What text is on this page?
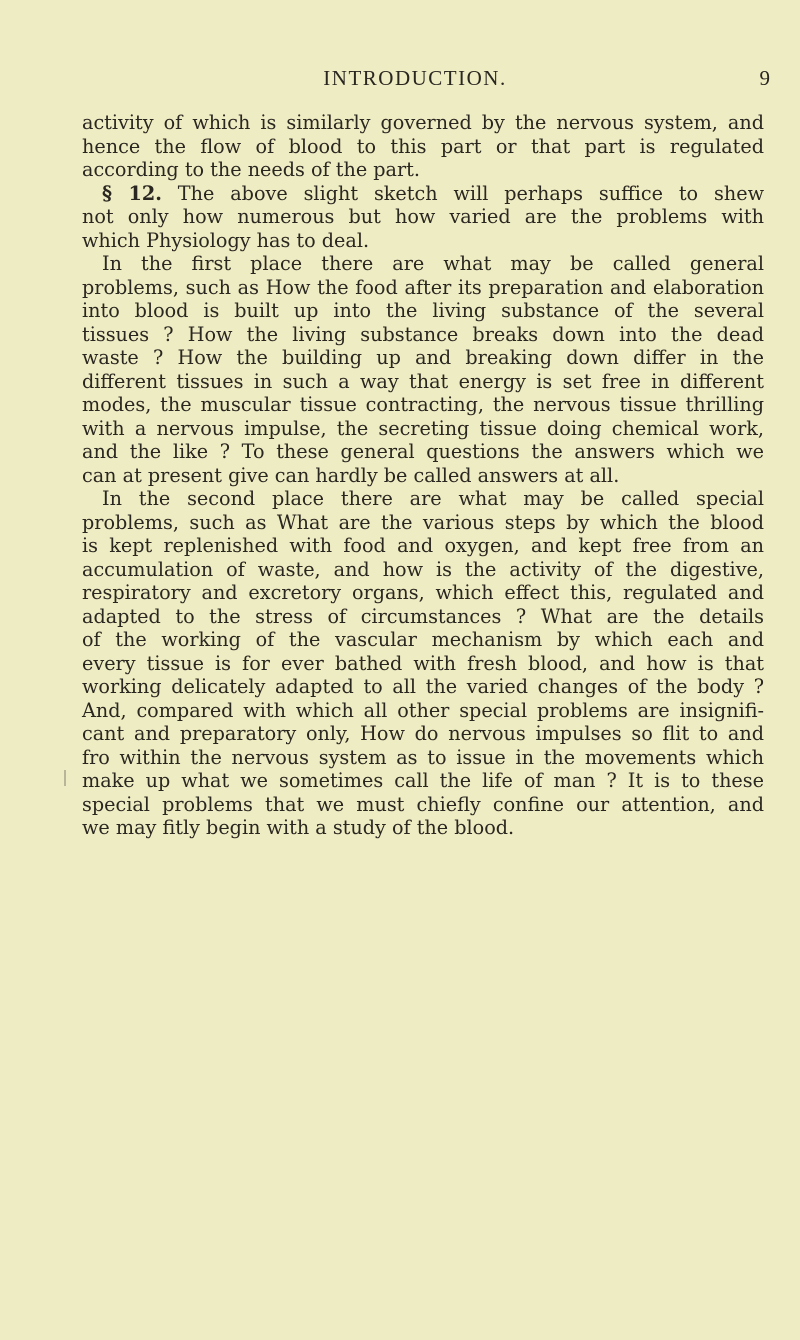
INTRODUCTION.	9
activity of which is similarly governed by the nervous system, and
hence the flow of blood to this part or that part is regulated
according to the needs of the part.
§ 12. The above slight sketch will perhaps suffice to shew
not only how numerous but how varied are the problems with
which Physiology has to deal.
In the first place there are what may be called general
problems, such as How the food after its preparation and elaboration
into blood is built up into the living substance of the several
tissues ? How the living substance breaks down into the dead
waste ? How the building up and breaking down differ in the
different tissues in such a way that energy is set free in different
modes, the muscular tissue contracting, the nervous tissue thrilling
with a nervous impulse, the secreting tissue doing chemical work,
and the like ? To these general questions the answers which we
can at present give can hardly be called answers at all.
In the second place there are what may be called special
problems, such as What are the various steps by which the blood
is kept replenished with food and oxygen, and kept free from an
accumulation of waste, and how is the activity of the digestive,
respiratory and excretory organs, which effect this, regulated and
adapted to the stress of circumstances ? What are the details
of the working of the vascular mechanism by which each and
every tissue is for ever bathed with fresh blood, and how is that
working delicately adapted to all the varied changes of the body ?
And, compared with which all other special problems are insignifi-
cant and preparatory only, How do nervous impulses so flit to and
fro within the nervous system as to issue in the movements which
make up what we sometimes call the life of man ? It is to these
special problems that we must chiefly confine our attention, and
we may fitly begin with a study of the blood.
